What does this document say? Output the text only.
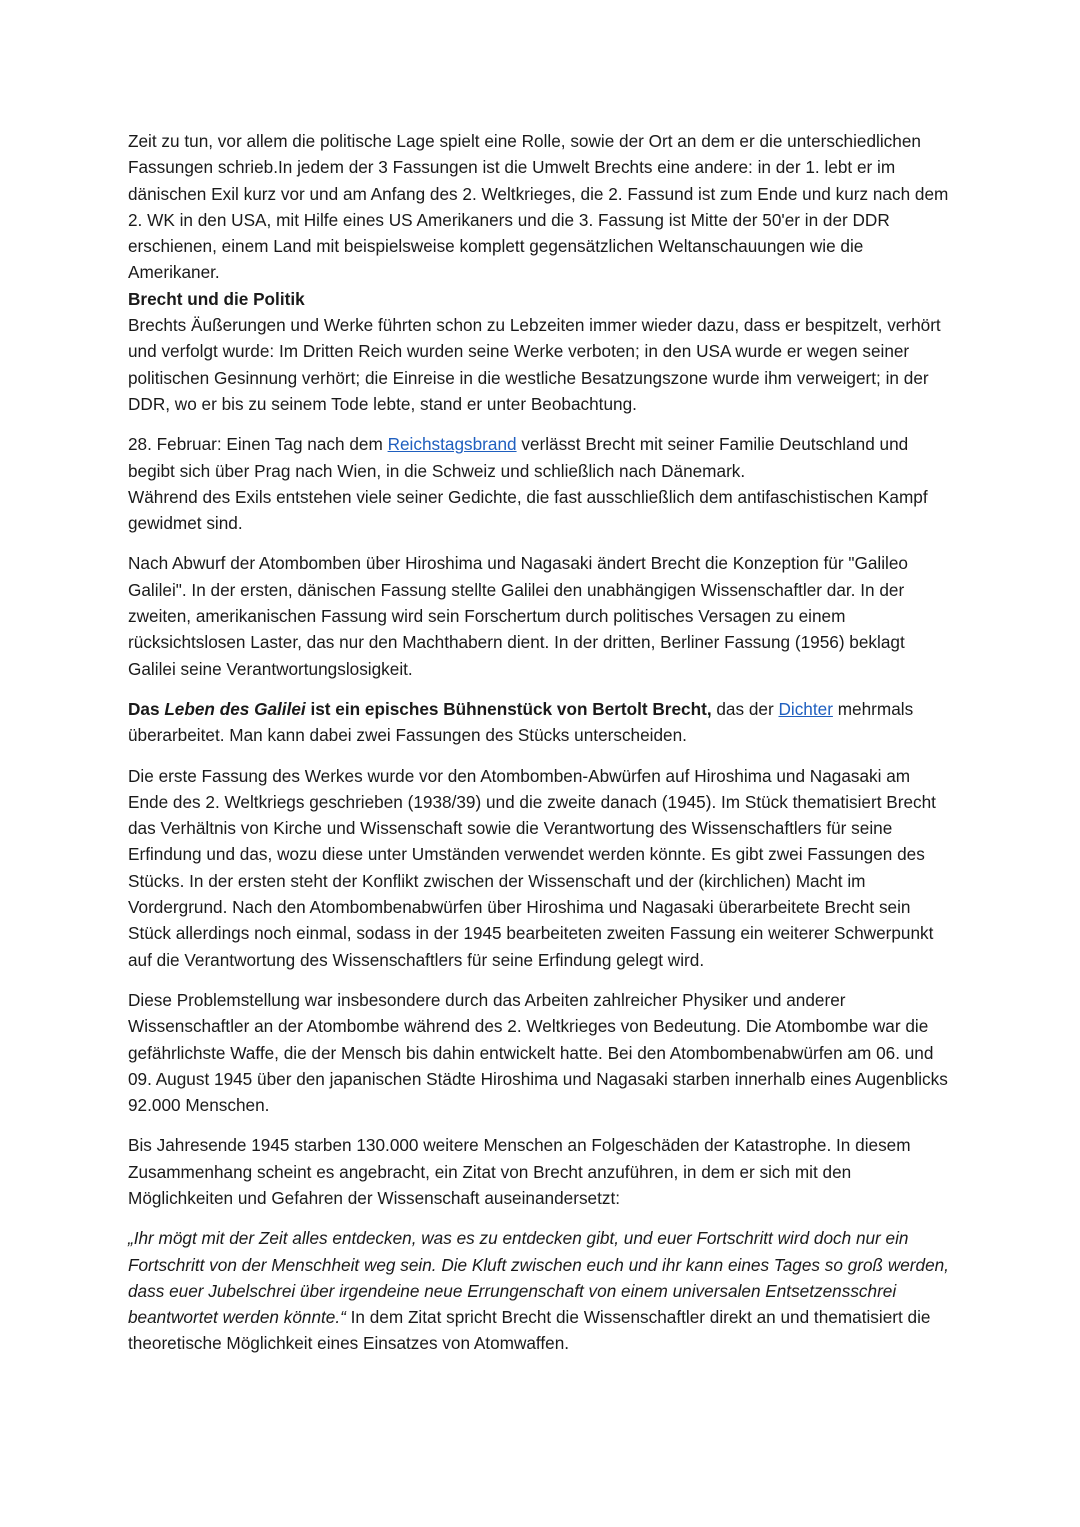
Zeit zu tun, vor allem die politische Lage spielt eine Rolle, sowie der Ort an dem er die unterschiedlichen Fassungen schrieb.In jedem der 3 Fassungen ist die Umwelt Brechts eine andere: in der 1. lebt er im dänischen Exil kurz vor und am Anfang des 2. Weltkrieges, die 2. Fassund ist zum Ende und kurz nach dem 2. WK in den USA, mit Hilfe eines US Amerikaners und die 3. Fassung ist Mitte der 50'er in der DDR erschienen, einem Land mit beispielsweise komplett gegensätzlichen Weltanschauungen wie die Amerikaner.

Brecht und die Politik

Brechts Äußerungen und Werke führten schon zu Lebzeiten immer wieder dazu, dass er bespitzelt, verhört und verfolgt wurde: Im Dritten Reich wurden seine Werke verboten; in den USA wurde er wegen seiner politischen Gesinnung verhört; die Einreise in die westliche Besatzungszone wurde ihm verweigert; in der DDR, wo er bis zu seinem Tode lebte, stand er unter Beobachtung.

28. Februar: Einen Tag nach dem Reichstagsbrand verlässt Brecht mit seiner Familie Deutschland und begibt sich über Prag nach Wien, in die Schweiz und schließlich nach Dänemark.
Während des Exils entstehen viele seiner Gedichte, die fast ausschließlich dem antifaschistischen Kampf gewidmet sind.

Nach Abwurf der Atombomben über Hiroshima und Nagasaki ändert Brecht die Konzeption für "Galileo Galilei". In der ersten, dänischen Fassung stellte Galilei den unabhängigen Wissenschaftler dar. In der zweiten, amerikanischen Fassung wird sein Forschertum durch politisches Versagen zu einem rücksichtslosen Laster, das nur den Machthabern dient. In der dritten, Berliner Fassung (1956) beklagt Galilei seine Verantwortungslosigkeit.

Das Leben des Galilei ist ein episches Bühnenstück von Bertolt Brecht, das der Dichter mehrmals überarbeitet. Man kann dabei zwei Fassungen des Stücks unterscheiden.

Die erste Fassung des Werkes wurde vor den Atombomben-Abwürfen auf Hiroshima und Nagasaki am Ende des 2. Weltkriegs geschrieben (1938/39) und die zweite danach (1945). Im Stück thematisiert Brecht das Verhältnis von Kirche und Wissenschaft sowie die Verantwortung des Wissenschaftlers für seine Erfindung und das, wozu diese unter Umständen verwendet werden könnte. Es gibt zwei Fassungen des Stücks. In der ersten steht der Konflikt zwischen der Wissenschaft und der (kirchlichen) Macht im Vordergrund. Nach den Atombombenabwürfen über Hiroshima und Nagasaki überarbeitete Brecht sein Stück allerdings noch einmal, sodass in der 1945 bearbeiteten zweiten Fassung ein weiterer Schwerpunkt auf die Verantwortung des Wissenschaftlers für seine Erfindung gelegt wird.

Diese Problemstellung war insbesondere durch das Arbeiten zahlreicher Physiker und anderer Wissenschaftler an der Atombombe während des 2. Weltkrieges von Bedeutung. Die Atombombe war die gefährlichste Waffe, die der Mensch bis dahin entwickelt hatte. Bei den Atombombenabwürfen am 06. und 09. August 1945 über den japanischen Städte Hiroshima und Nagasaki starben innerhalb eines Augenblicks 92.000 Menschen.

Bis Jahresende 1945 starben 130.000 weitere Menschen an Folgeschäden der Katastrophe. In diesem Zusammenhang scheint es angebracht, ein Zitat von Brecht anzuführen, in dem er sich mit den Möglichkeiten und Gefahren der Wissenschaft auseinandersetzt:

„Ihr mögt mit der Zeit alles entdecken, was es zu entdecken gibt, und euer Fortschritt wird doch nur ein Fortschritt von der Menschheit weg sein. Die Kluft zwischen euch und ihr kann eines Tages so groß werden, dass euer Jubelschrei über irgendeine neue Errungenschaft von einem universalen Entsetzensschrei beantwortet werden könnte.“ In dem Zitat spricht Brecht die Wissenschaftler direkt an und thematisiert die theoretische Möglichkeit eines Einsatzes von Atomwaffen.
